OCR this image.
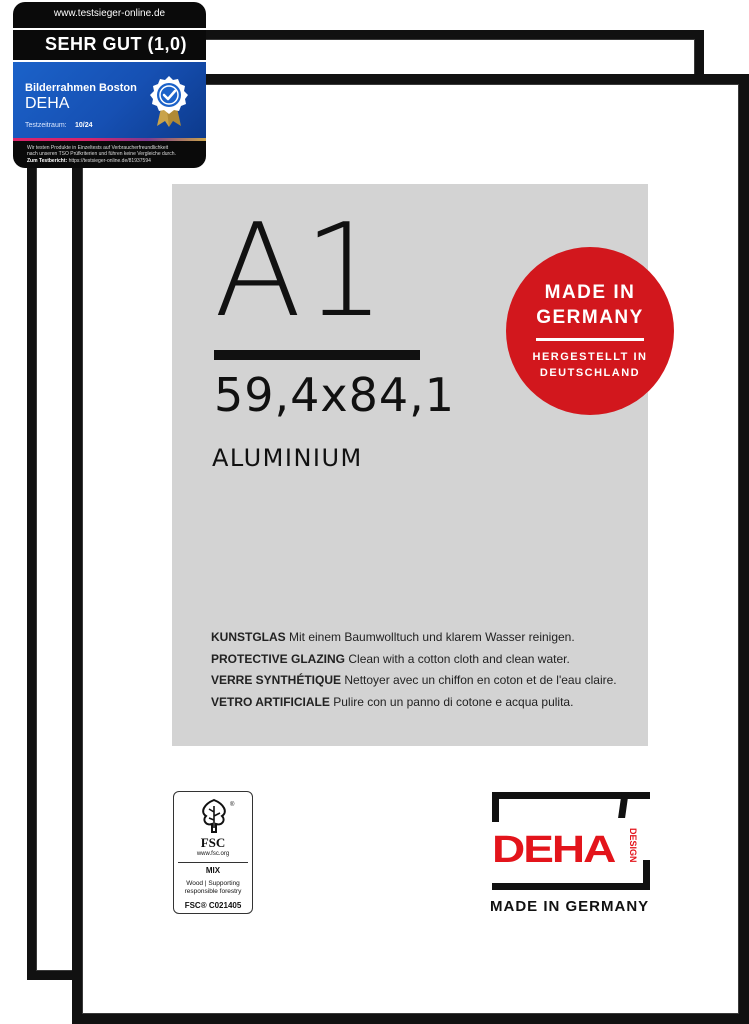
A1
59,4x84,1
ALUMINIUM
MADE IN
GERMANY
HERGESTELLT IN
DEUTSCHLAND
KUNSTGLAS Mit einem Baumwolltuch und klarem Wasser reinigen.
PROTECTIVE GLAZING Clean with a cotton cloth and clean water.
VERRE SYNTHÉTIQUE Nettoyer avec un chiffon en coton et de l'eau claire.
VETRO ARTIFICIALE Pulire con un panno di cotone e acqua pulita.
®
FSC
www.fsc.org
MIX
Wood | Supporting
responsible forestry
FSC® C021405
DEHA DESIGN
MADE IN GERMANY
www.testsieger-online.de
SEHR GUT (1,0)
Bilderrahmen Boston
DEHA
Testzeitraum: 10/24
Wir testen Produkte in Einzeltests auf Verbraucherfreundlichkeit
nach unseren TSO Prüfkriterien und führen keine Vergleiche durch.
Zum Testbericht: https://testsieger-online.de/81937594
